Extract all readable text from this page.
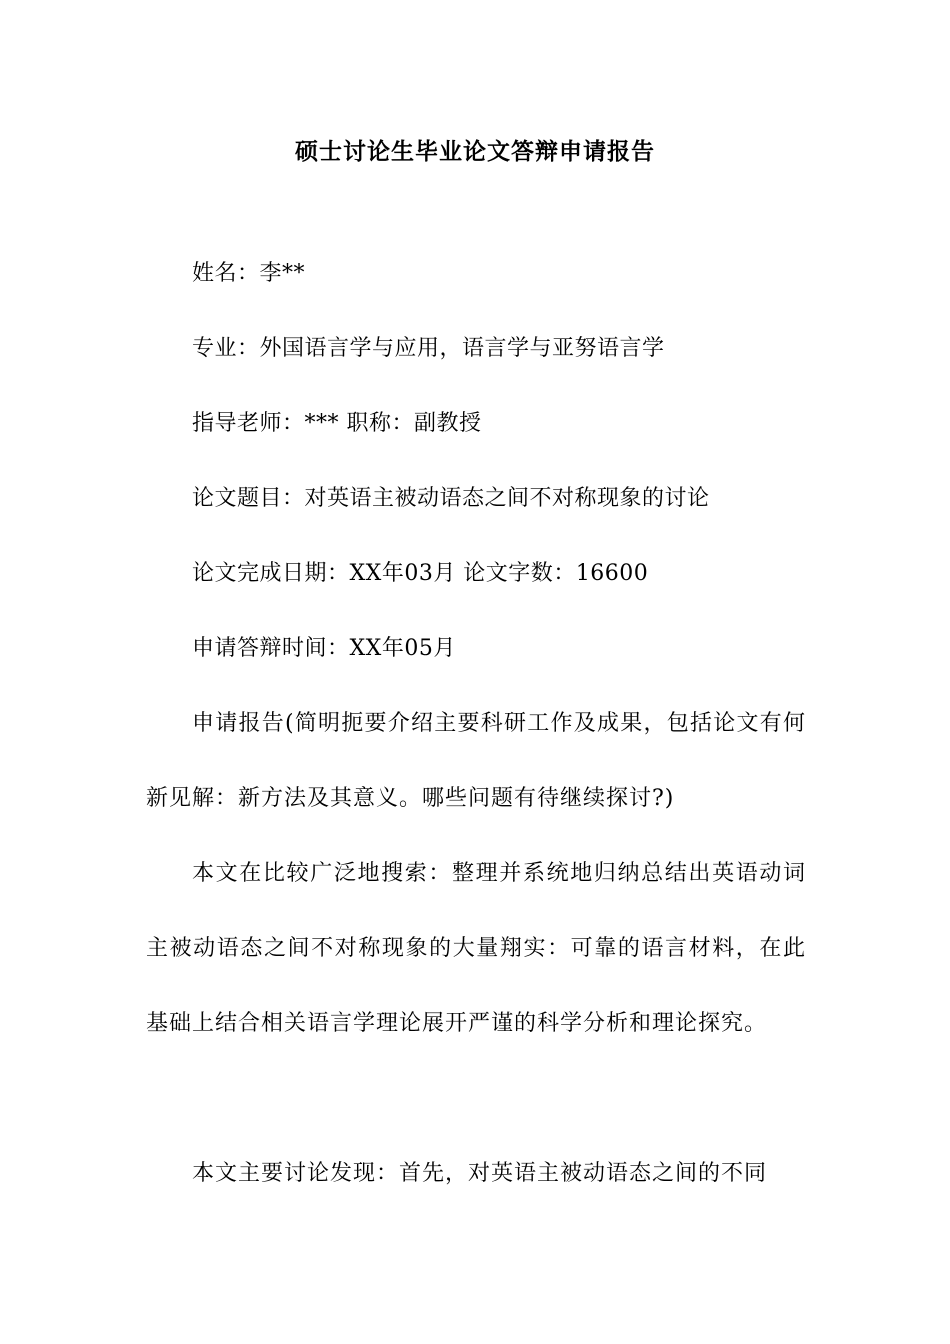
硕士讨论生毕业论文答辩申请报告
姓名：李**
专业：外国语言学与应用，语言学与亚努语言学
指导老师：*** 职称：副教授
论文题目：对英语主被动语态之间不对称现象的讨论
论文完成日期：XX年03月 论文字数：16600
申请答辩时间：XX年05月
申请报告(简明扼要介绍主要科研工作及成果，包括论文有何新见解：新方法及其意义。哪些问题有待继续探讨?)
本文在比较广泛地搜索：整理并系统地归纳总结出英语动词主被动语态之间不对称现象的大量翔实：可靠的语言材料，在此基础上结合相关语言学理论展开严谨的科学分析和理论探究。
本文主要讨论发现：首先，对英语主被动语态之间的不同
